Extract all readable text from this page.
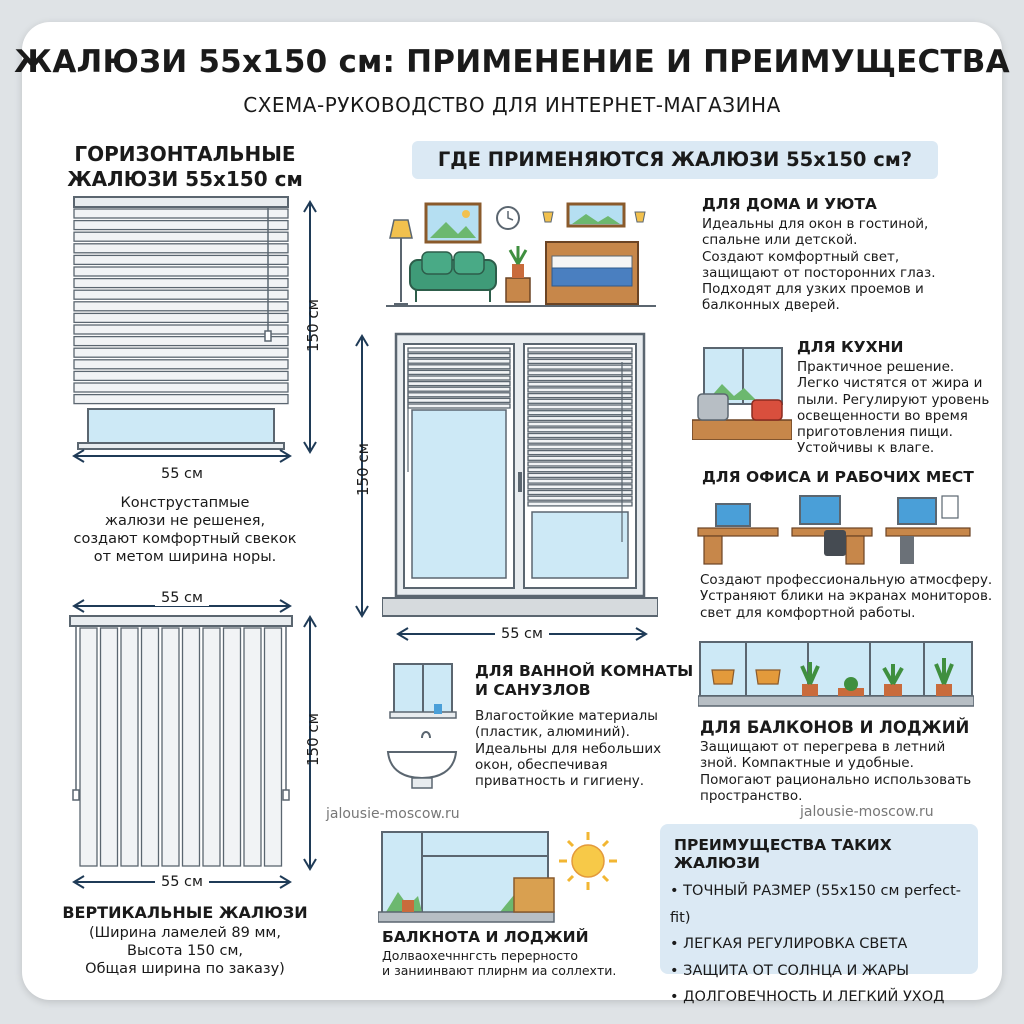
ЖАЛЮЗИ 55x150 см: ПРИМЕНЕНИЕ И ПРЕИМУЩЕСТВА
СХЕМА-РУКОВОДСТВО ДЛЯ ИНТЕРНЕТ-МАГАЗИНА
ГОРИЗОНТАЛЬНЫЕ
ЖАЛЮЗИ 55x150 см
150 см
55 см
Конструстапмые
жалюзи не решенея,
создают комфортный свекок
от метом ширина норы.
55 см
150 см
55 см
ВЕРТИКАЛЬНЫЕ ЖАЛЮЗИ
(Ширина ламелей 89 мм,
Высота 150 см,
Общая ширина по заказу)
ГДЕ ПРИМЕНЯЮТСЯ ЖАЛЮЗИ 55x150 см?
ДЛЯ ДОМА И УЮТА
Идеальны для окон в гостиной,
спальне или детской.
Создают комфортный свет,
защищают от посторонних глаз.
Подходят для узких проемов и
балконных дверей.
150 см
55 см
ДЛЯ КУХНИ
Практичное решение.
Легко чистятся от жира и
пыли. Регулируют уровень
освещенности во время
приготовления пищи.
Устойчивы к влаге.
ДЛЯ ОФИСА И РАБОЧИХ МЕСТ
Создают профессиональную атмосферу.
Устраняют блики на экранах мониторов.
свет для комфортной работы.
ДЛЯ ВАННОЙ КОМНАТЫ
И САНУЗЛОВ
Влагостойкие материалы
(пластик, алюминий).
Идеальны для небольших
окон, обеспечивая
приватность и гигиену.
ДЛЯ БАЛКОНОВ И ЛОДЖИЙ
Защищают от перегрева в летний
зной. Компактные и удобные.
Помогают рационально использовать
пространство.
jalousie-moscow.ru	jalousie-moscow.ru
БАЛКНОТА И ЛОДЖИЙ
Долваохечннгсть перерносто
и заниинвают плирнм иа соллехти.
ПРЕИМУЩЕСТВА ТАКИХ ЖАЛЮЗИ
• ТОЧНЫЙ РАЗМЕР (55x150 см perfect-fit)
• ЛЕГКАЯ РЕГУЛИРОВКА СВЕТА
• ЗАЩИТА ОТ СОЛНЦА И ЖАРЫ
• ДОЛГОВЕЧНОСТЬ И ЛЕГКИЙ УХОД
